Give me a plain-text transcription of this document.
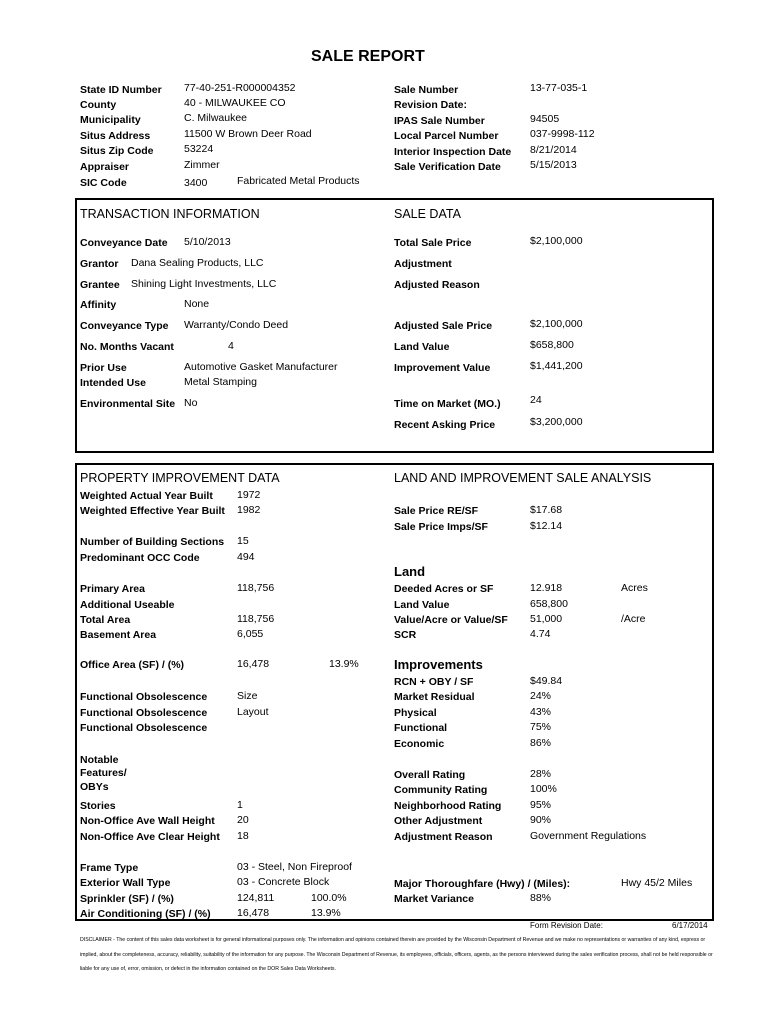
SALE REPORT
State ID Number 77-40-251-R000004352
County	40 - MILWAUKEE CO
Municipality	C. Milwaukee
Situs Address	11500 W Brown Deer Road
Situs Zip Code	53224
Appraiser	Zimmer
SIC Code	3400	Fabricated Metal Products
Sale Number	13-77-035-1
Revision Date:
IPAS Sale Number	94505
Local Parcel Number	037-9998-112
Interior Inspection Date 8/21/2014
Sale Verification Date	5/15/2013
TRANSACTION INFORMATION	SALE DATA
Conveyance Date 5/10/2013
Grantor Dana Sealing Products, LLC
Grantee Shining Light Investments, LLC
Affinity	None
Conveyance Type Warranty/Condo Deed
No. Months Vacant	4
Prior Use	Automotive Gasket Manufacturer
Intended Use	Metal Stamping
Environmental Site No
Total Sale Price	$2,100,000
Adjustment
Adjusted Reason
Adjusted Sale Price	$2,100,000
Land Value	$658,800
Improvement Value	$1,441,200
Time on Market (MO.)	24
Recent Asking Price	$3,200,000
PROPERTY IMPROVEMENT DATA	LAND AND IMPROVEMENT SALE ANALYSIS
Weighted Actual Year Built 1972
Weighted Effective Year Built 1982
Number of Building Sections 15
Predominant OCC Code	494
Primary Area	118,756
Additional Useable
Total Area	118,756
Basement Area	6,055
Office Area (SF) / (%)	16,478	13.9%
Functional Obsolescence	Size
Functional Obsolescence	Layout
Functional Obsolescence
Notable
Features/
OBYs
Stories	1
Non-Office Ave Wall Height 20
Non-Office Ave Clear Height 18
Frame Type	03 - Steel, Non Fireproof
Exterior Wall Type	03 - Concrete Block
Sprinkler (SF) / (%)	124,811	100.0%
Air Conditioning (SF) / (%)	16,478	13.9%
Sale Price RE/SF	$17.68
Sale Price Imps/SF	$12.14
Land
Deeded Acres or SF	12.918	Acres
Land Value	658,800
Value/Acre or Value/SF 51,000	/Acre
SCR	4.74
Improvements
RCN + OBY / SF	$49.84
Market Residual	24%
Physical	43%
Functional	75%
Economic	86%
Overall Rating	28%
Community Rating	100%
Neighborhood Rating	95%
Other Adjustment	90%
Adjustment Reason	Government Regulations
Major Thoroughfare (Hwy) / (Miles):	Hwy 45/2 Miles
Market Variance	88%
Form Revision Date:	6/17/2014
DISCLAIMER - The content of this sales data worksheet is for general informational purposes only. The information and opinions contained therein are provided by the Wisconsin Department of Revenue and we make no representations or warranties of any kind, express or implied, about the completeness, accuracy, reliability, suitability of the information for any purpose. The Wisconsin Department of Revenue, its employees, officials, officers, agents, as the persons interviewed during the sales verification process, shall not be held responsible or liable for any use of, error, omission, or defect in the information contained on the DOR Sales Data Worksheets.
